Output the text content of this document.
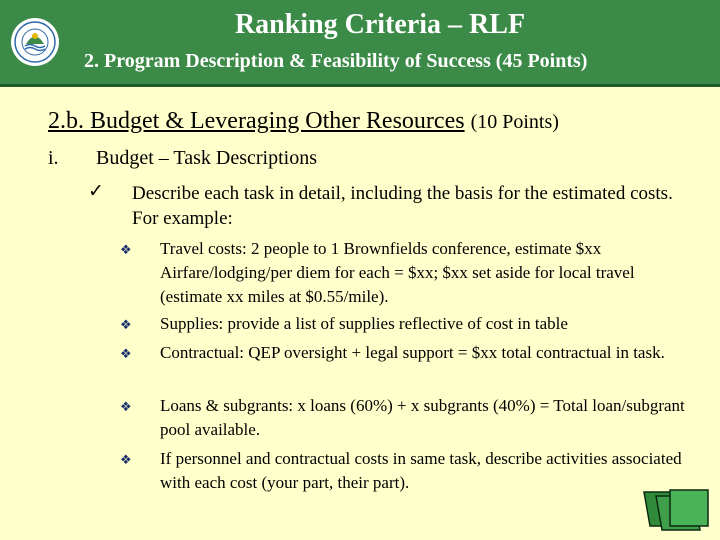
Ranking Criteria – RLF
2. Program Description & Feasibility of Success (45 Points)
2.b. Budget & Leveraging Other Resources (10 Points)
i. Budget – Task Descriptions
✓ Describe each task in detail, including the basis for the estimated costs. For example:
❖ Travel costs: 2 people to 1 Brownfields conference, estimate $xx Airfare/lodging/per diem for each = $xx; $xx set aside for local travel (estimate xx miles at $0.55/mile).
❖ Supplies: provide a list of supplies reflective of cost in table
❖ Contractual: QEP oversight + legal support = $xx total contractual in task.
❖ Loans & subgrants: x loans (60%) + x subgrants (40%) = Total loan/subgrant pool available.
❖ If personnel and contractual costs in same task, describe activities associated with each cost (your part, their part).
